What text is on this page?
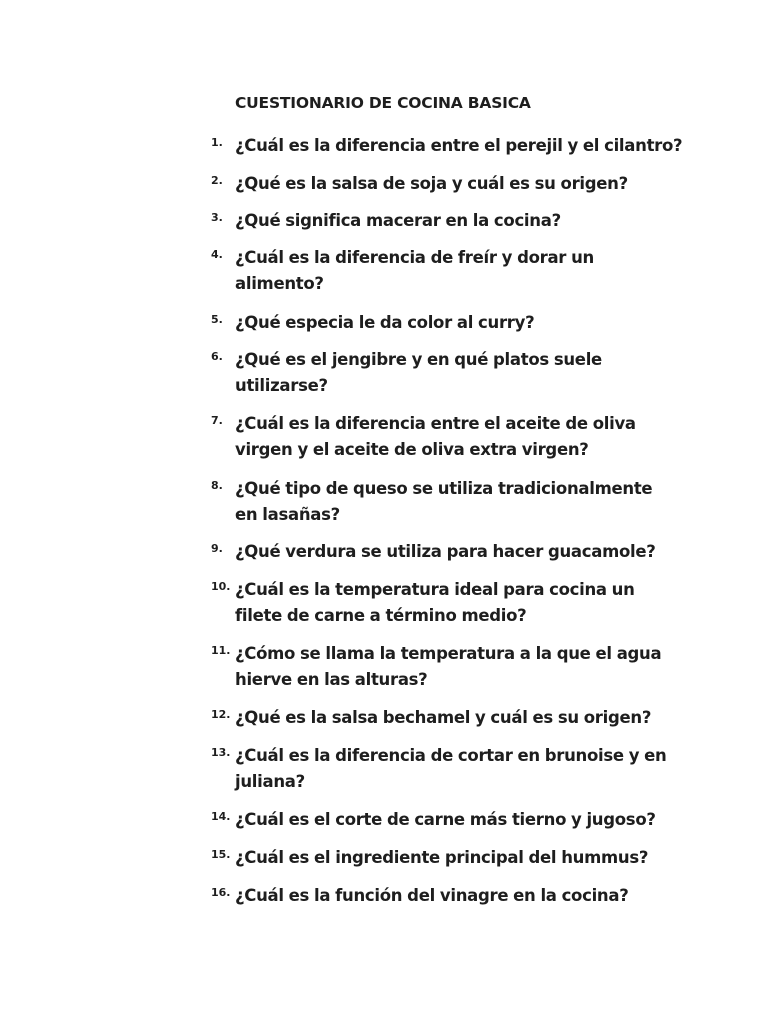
CUESTIONARIO DE COCINA BASICA
1. ¿Cuál es la diferencia entre el perejil y el cilantro?
2. ¿Qué es la salsa de soja y cuál es su origen?
3. ¿Qué significa macerar en la cocina?
4. ¿Cuál es la diferencia de freír y dorar un
alimento?
5. ¿Qué especia le da color al curry?
6. ¿Qué es el jengibre y en qué platos suele
utilizarse?
7. ¿Cuál es la diferencia entre el aceite de oliva
virgen y el aceite de oliva extra virgen?
8. ¿Qué tipo de queso se utiliza tradicionalmente
en lasañas?
9. ¿Qué verdura se utiliza para hacer guacamole?
10. ¿Cuál es la temperatura ideal para cocina un
filete de carne a término medio?
11. ¿Cómo se llama la temperatura a la que el agua
hierve en las alturas?
12. ¿Qué es la salsa bechamel y cuál es su origen?
13. ¿Cuál es la diferencia de cortar en brunoise y en
juliana?
14. ¿Cuál es el corte de carne más tierno y jugoso?
15. ¿Cuál es el ingrediente principal del hummus?
16. ¿Cuál es la función del vinagre en la cocina?
